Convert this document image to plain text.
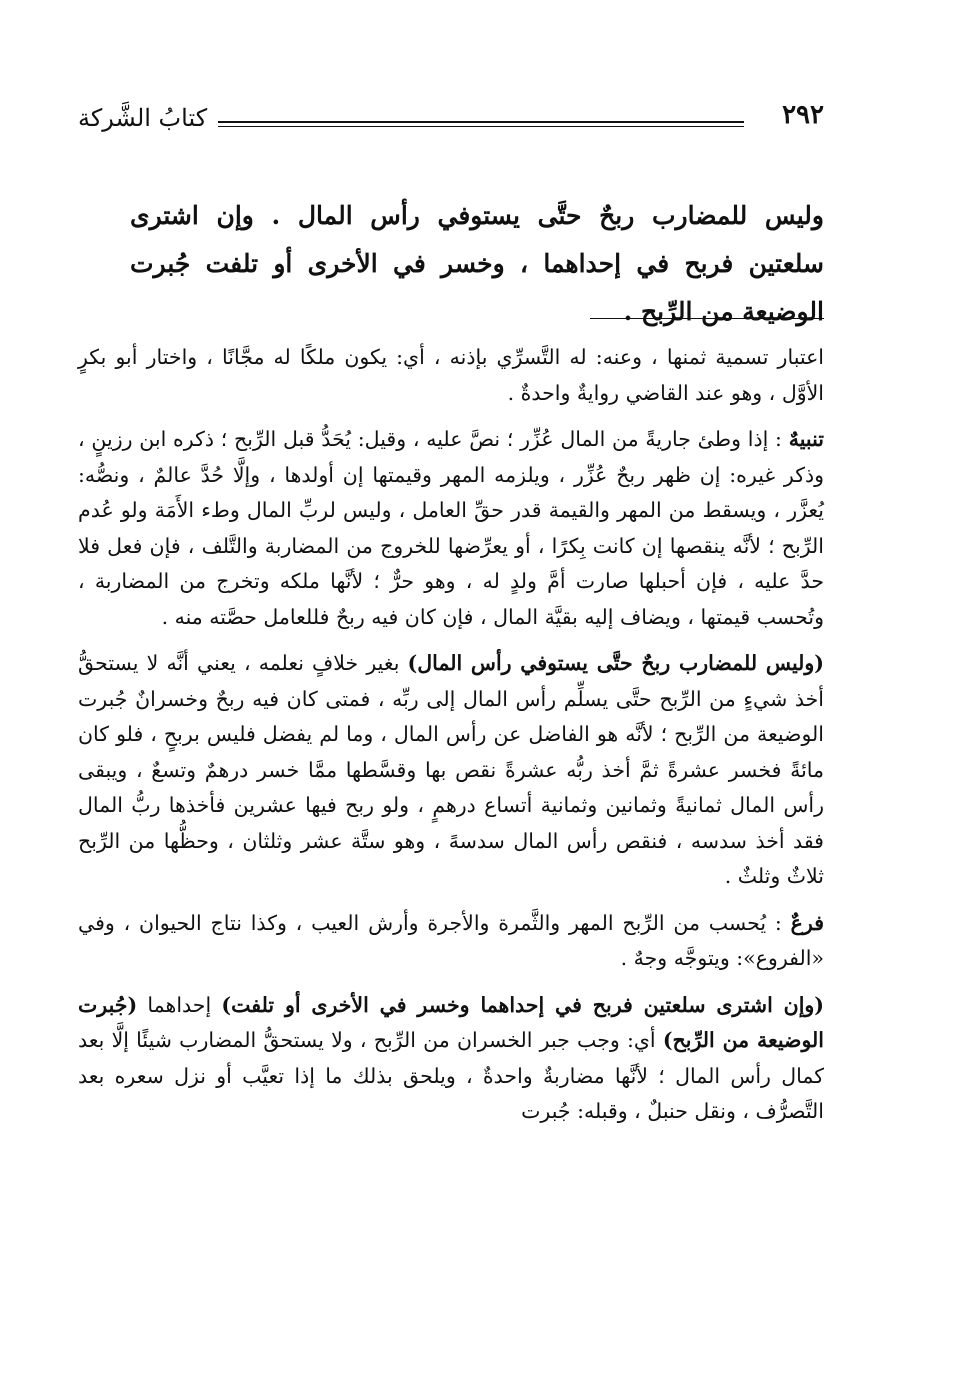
كتابُ الشَّركة	٢٩٢
وليس للمضارب ربحٌ حتَّى يستوفي رأس المال . وإن اشترى سلعتين فربح في إحداهما ، وخسر في الأخرى أو تلفت جُبرت الوضيعة من الرِّبح .

اعتبار تسمية ثمنها ، وعنه: له التَّسرِّي بإذنه ، أي: يكون ملكًا له مجَّانًا ، واختار أبو بكرٍ الأوَّل ، وهو عند القاضي روايةٌ واحدةٌ .

تنبيهٌ : إذا وطئ جاريةً من المال عُزِّر ؛ نصَّ عليه ، وقيل: يُحَدُّ قبل الرِّبح ؛ ذكره ابن رزينٍ ، وذكر غيره: إن ظهر ربحٌ عُزِّر ، ويلزمه المهر وقيمتها إن أولدها ، وإلَّا حُدَّ عالمٌ ، ونصُّه: يُعزَّر ، ويسقط من المهر والقيمة قدر حقِّ العامل ، وليس لربِّ المال وطء الأَمَة ولو عُدم الرِّبح ؛ لأنَّه ينقصها إن كانت بِكرًا ، أو يعرِّضها للخروج من المضاربة والتَّلف ، فإن فعل فلا حدَّ عليه ، فإن أحبلها صارت أمَّ ولدٍ له ، وهو حرٌّ ؛ لأنَّها ملكه وتخرج من المضاربة ، وتُحسب قيمتها ، ويضاف إليه بقيَّة المال ، فإن كان فيه ربحٌ فللعامل حصَّته منه .

(وليس للمضارب ربحٌ حتَّى يستوفي رأس المال) بغير خلافٍ نعلمه ، يعني أنَّه لا يستحقُّ أخذ شيءٍ من الرِّبح حتَّى يسلِّم رأس المال إلى ربِّه ، فمتى كان فيه ربحٌ وخسرانٌ جُبرت الوضيعة من الرِّبح ؛ لأنَّه هو الفاضل عن رأس المال ، وما لم يفضل فليس بربحٍ ، فلو كان مائةً فخسر عشرةً ثمَّ أخذ ربُّه عشرةً نقص بها وقسَّطها ممَّا خسر درهمٌ وتسعٌ ، ويبقى رأس المال ثمانيةً وثمانين وثمانية أتساع درهمٍ ، ولو ربح فيها عشرين فأخذها ربُّ المال فقد أخذ سدسه ، فنقص رأس المال سدسهً ، وهو ستَّة عشر وثلثان ، وحظُّها من الرِّبح ثلاثٌ وثلثٌ .

فرعٌ : يُحسب من الرِّبح المهر والثَّمرة والأجرة وأرش العيب ، وكذا نتاج الحيوان ، وفي «الفروع»: ويتوجَّه وجهٌ .

(وإن اشترى سلعتين فربح في إحداهما وخسر في الأخرى أو تلفت) إحداهما (جُبرت الوضيعة من الرِّبح) أي: وجب جبر الخسران من الرِّبح ، ولا يستحقُّ المضارب شيئًا إلَّا بعد كمال رأس المال ؛ لأنَّها مضاربةٌ واحدةٌ ، ويلحق بذلك ما إذا تعيَّب أو نزل سعره بعد التَّصرُّف ، ونقل حنبلٌ ، وقبله: جُبرت
